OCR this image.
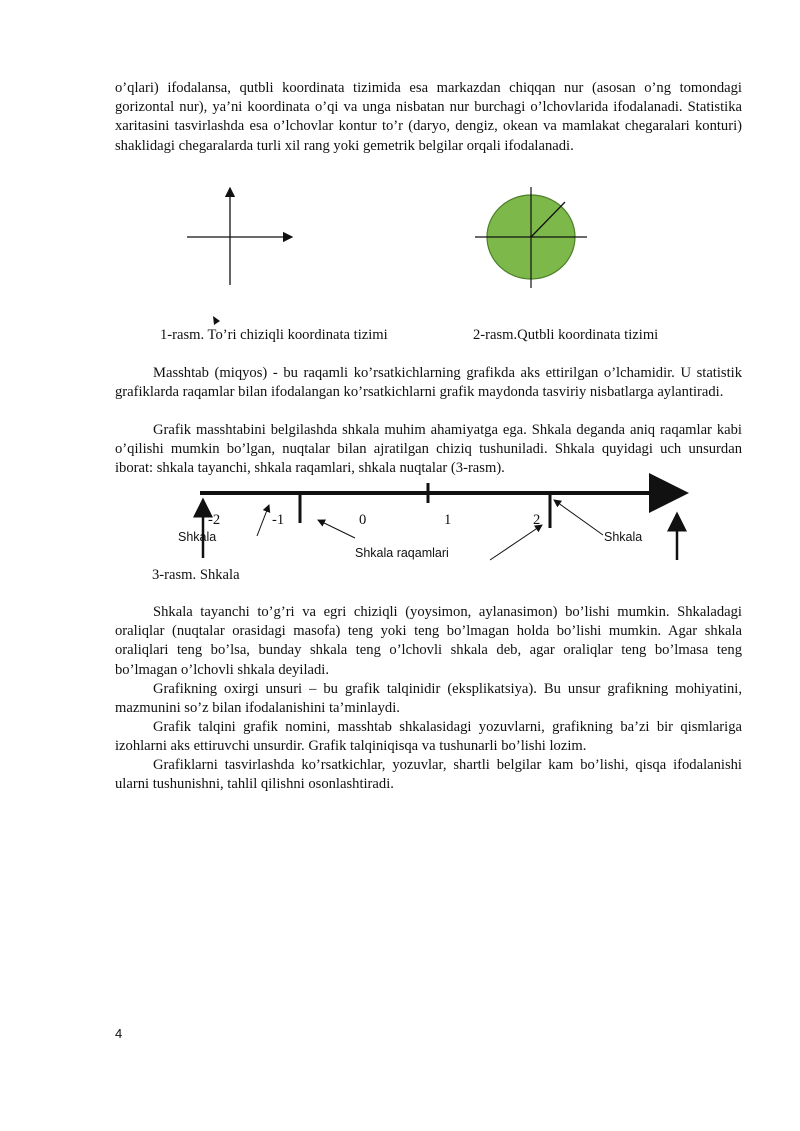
o’qlari) ifodalansa, qutbli koordinata tizimida esa markazdan chiqqan nur (asosan o’ng tomondagi gorizontal nur), ya’ni koordinata o’qi va unga nisbatan nur burchagi o’lchovlarida ifodalanadi. Statistika xaritasini tasvirlashda esa o’lchovlar kontur to’r (daryo, dengiz, okean va mamlakat chegaralari konturi) shaklidagi chegaralarda turli xil rang yoki gemetrik belgilar orqali ifodalanadi.

1-rasm. To’ri chiziqli koordinata tizimi	2-rasm.Qutbli koordinata tizimi

Masshtab (miqyos) - bu raqamli ko’rsatkichlarning grafikda aks ettirilgan o’lchamidir. U statistik grafiklarda raqamlar bilan ifodalangan ko’rsatkichlarni grafik maydonda tasviriy nisbatlarga aylantiradi.

Grafik masshtabini belgilashda shkala muhim ahamiyatga ega. Shkala deganda aniq raqamlar kabi o’qilishi mumkin bo’lgan, nuqtalar bilan ajratilgan chiziq tushuniladi. Shkala quyidagi uch unsurdan iborat: shkala tayanchi, shkala raqamlari, shkala nuqtalar (3-rasm).

-2	-1	0	1	2
Shkala
Shkala raqamlari
Shkala
3-rasm. Shkala

Shkala tayanchi to’g’ri va egri chiziqli (yoysimon, aylanasimon) bo’lishi mumkin. Shkaladagi oraliqlar (nuqtalar orasidagi masofa) teng yoki teng bo’lmagan holda bo’lishi mumkin. Agar shkala oraliqlari teng bo’lsa, bunday shkala teng o’lchovli shkala deb, agar oraliqlar teng bo’lmasa teng bo’lmagan o’lchovli shkala deyiladi.

Grafikning oxirgi unsuri – bu grafik talqinidir (eksplikatsiya). Bu unsur grafikning mohiyatini, mazmunini so’z bilan ifodalanishini ta’minlaydi.

Grafik talqini grafik nomini, masshtab shkalasidagi yozuvlarni, grafikning ba’zi bir qismlariga izohlarni aks ettiruvchi unsurdir. Grafik talqiniqisqa va tushunarli bo’lishi lozim.

Grafiklarni tasvirlashda ko’rsatkichlar, yozuvlar, shartli belgilar kam bo’lishi, qisqa ifodalanishi ularni tushunishni, tahlil qilishni osonlashtiradi.

4
